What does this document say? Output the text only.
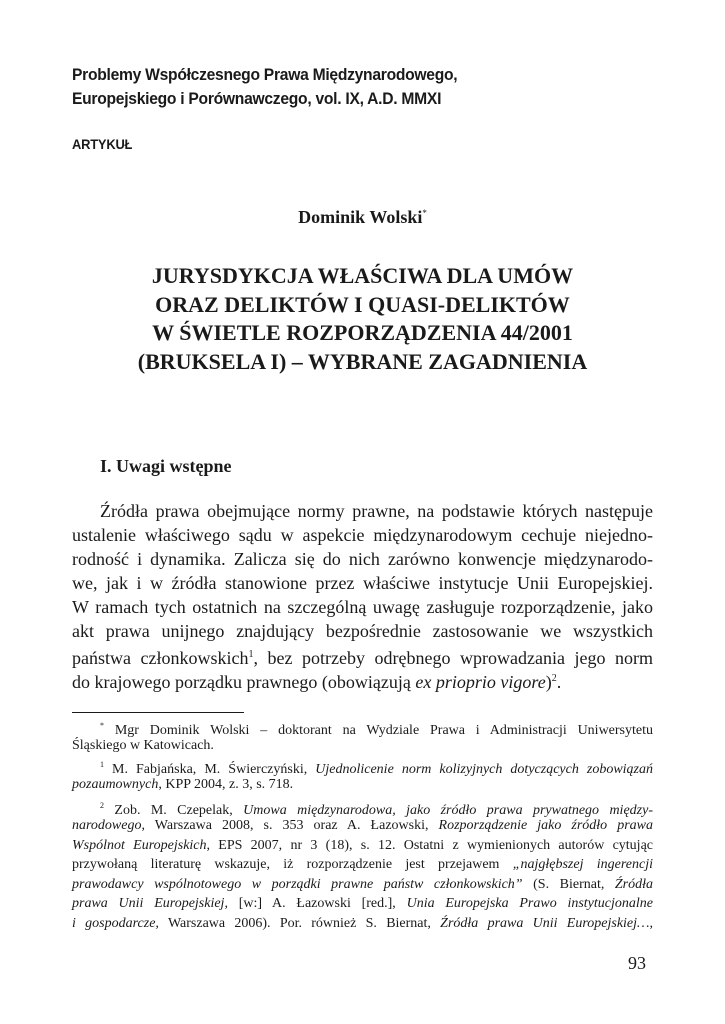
Problemy Współczesnego Prawa Międzynarodowego,
Europejskiego i Porównawczego, vol. IX, A.D. MMXI
ARTYKUŁ
Dominik Wolski*
JURYSDYKCJA WŁAŚCIWA DLA UMÓW
ORAZ DELIKTÓW I QUASI-DELIKTÓW
W ŚWIETLE ROZPORZĄDZENIA 44/2001
(BRUKSELA I) – WYBRANE ZAGADNIENIA
I. Uwagi wstępne
Źródła prawa obejmujące normy prawne, na podstawie których następuje
ustalenie właściwego sądu w aspekcie międzynarodowym cechuje niejedno-
rodność i dynamika. Zalicza się do nich zarówno konwencje międzynarodo-
we, jak i w źródła stanowione przez właściwe instytucje Unii Europejskiej.
W ramach tych ostatnich na szczególną uwagę zasługuje rozporządzenie, jako
akt prawa unijnego znajdujący bezpośrednie zastosowanie we wszystkich
państwa członkowskich$^1$, bez potrzeby odrębnego wprowadzania jego norm
do krajowego porządku prawnego (obowiązują ex prioprio vigore)$^2$.
* Mgr Dominik Wolski – doktorant na Wydziale Prawa i Administracji Uniwersytetu
Śląskiego w Katowicach.
$^1$ M. Fabjańska, M. Świerczyński, Ujednolicenie norm kolizyjnych dotyczących zobowiązań
pozaumownych, KPP 2004, z. 3, s. 718.
$^2$ Zob. M. Czepelak, Umowa międzynarodowa, jako źródło prawa prywatnego między-
narodowego, Warszawa 2008, s. 353 oraz A. Łazowski, Rozporządzenie jako źródło prawa
Wspólnot Europejskich, EPS 2007, nr 3 (18), s. 12. Ostatni z wymienionych autorów cytując
przywołaną literaturę wskazuje, iż rozporządzenie jest przejawem „najgłębszej ingerencji
prawodawcy wspólnotowego w porządki prawne państw członkowskich” (S. Biernat, Źródła
prawa Unii Europejskiej, [w:] A. Łazowski [red.], Unia Europejska Prawo instytucjonalne
i gospodarcze, Warszawa 2006). Por. również S. Biernat, Źródła prawa Unii Europejskiej…,
93
